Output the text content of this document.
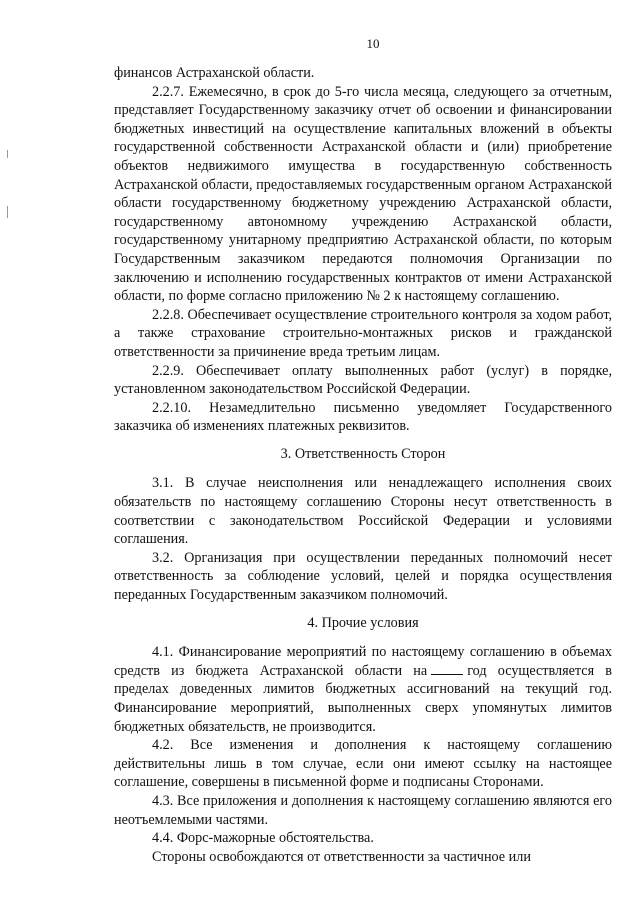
10

финансов Астраханской области.

2.2.7. Ежемесячно, в срок до 5-го числа месяца, следующего за отчетным, представляет Государственному заказчику отчет об освоении и финансировании бюджетных инвестиций на осуществление капитальных вложений в объекты государственной собственности Астраханской области и (или) приобретение объектов недвижимого имущества в государственную собственность Астраханской области, предоставляемых государственным органом Астраханской области государственному бюджетному учреждению Астраханской области, государственному автономному учреждению Астраханской области, государственному унитарному предприятию Астраханской области, по которым Государственным заказчиком передаются полномочия Организации по заключению и исполнению государственных контрактов от имени Астраханской области, по форме согласно приложению № 2 к настоящему соглашению.

2.2.8. Обеспечивает осуществление строительного контроля за ходом работ, а также страхование строительно-монтажных рисков и гражданской ответственности за причинение вреда третьим лицам.

2.2.9. Обеспечивает оплату выполненных работ (услуг) в порядке, установленном законодательством Российской Федерации.

2.2.10. Незамедлительно письменно уведомляет Государственного заказчика об изменениях платежных реквизитов.

3. Ответственность Сторон

3.1. В случае неисполнения или ненадлежащего исполнения своих обязательств по настоящему соглашению Стороны несут ответственность в соответствии с законодательством Российской Федерации и условиями соглашения.

3.2. Организация при осуществлении переданных полномочий несет ответственность за соблюдение условий, целей и порядка осуществления переданных Государственным заказчиком полномочий.

4. Прочие условия

4.1. Финансирование мероприятий по настоящему соглашению в объемах средств из бюджета Астраханской области на	год осуществляется в пределах доведенных лимитов бюджетных ассигнований на текущий год. Финансирование мероприятий, выполненных сверх упомянутых лимитов бюджетных обязательств, не производится.

4.2. Все изменения и дополнения к настоящему соглашению действительны лишь в том случае, если они имеют ссылку на настоящее соглашение, совершены в письменной форме и подписаны Сторонами.

4.3. Все приложения и дополнения к настоящему соглашению являются его неотъемлемыми частями.

4.4. Форс-мажорные обстоятельства.

Стороны освобождаются от ответственности за частичное или
